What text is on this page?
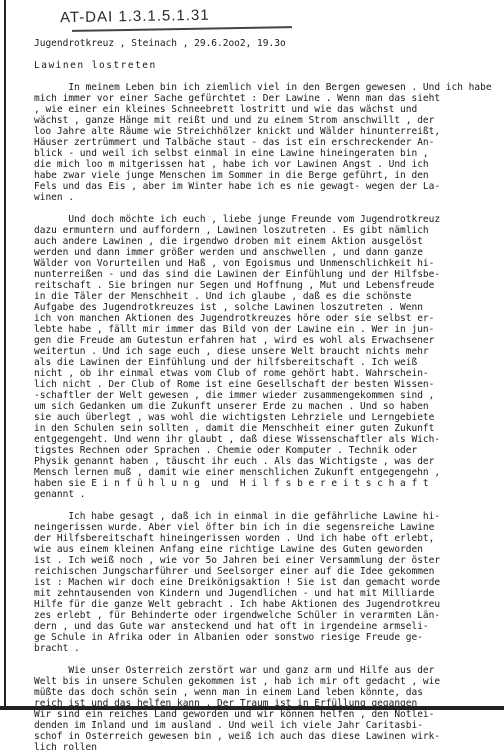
AT-DAI 1.3.1.5.1.31
Jugendrotkreuz , Steinach , 29.6.2oo2, 19.3o
Lawinen lostreten
In meinem Leben bin ich ziemlich viel in den Bergen gewesen . Und ich habe
mich immer vor einer Sache gefürchtet : Der Lawine . Wenn man das sieht
, wie einer ein kleines Schneebrett lostritt und wie das wächst und
wächst , ganze Hänge mit reißt und und zu einem Strom anschwillt , der
loo Jahre alte Räume wie Streichhölzer knickt und Wälder hinunterreißt,
Häuser zertrümmert und Talbäche staut - das ist ein erschreckender An-
blick - und weil ich selbst einmal in eine Lawine hineingeraten bin ,
die mich loo m mitgerissen hat , habe ich vor Lawinen Angst . Und ich
habe zwar viele junge Menschen im Sommer in die Berge geführt, in den
Fels und das Eis , aber im Winter habe ich es nie gewagt- wegen der La-
winen .
Und doch möchte ich euch , liebe junge Freunde vom Jugendrotkreuz
dazu ermuntern und auffordern , Lawinen loszutreten . Es gibt nämlich
auch andere Lawinen , die irgendwo droben mit einem Aktion ausgelöst
werden und dann immer größer werden und anschwellen , und dann ganze
Wälder von Vorurteilen und Haß , von Egoismus und Unmenschlichkeit hi-
nunterreißen - und das sind die Lawinen der Einfühlung und der Hilfsbe-
reitschaft . Sie bringen nur Segen und Hoffnung , Mut und Lebensfreude
in die Täler der Menschheit . Und ich glaube , daß es die schönste
Aufgabe des Jugendrotkreuzes ist , solche Lawinen loszutreten . Wenn
ich von manchen Aktionen des Jugendrotkreuzes höre oder sie selbst er-
lebte habe , fällt mir immer das Bild von der Lawine ein . Wer in jun-
gen die Freude am Gutestun erfahren hat , wird es wohl als Erwachsener
weitertun . Und ich sage euch , diese unsere Welt braucht nichts mehr
als die Lawinen der Einfühlung und der hilfsbereitschaft . Ich weiß
nicht , ob ihr einmal etwas vom Club of rome gehört habt. Wahrschein-
lich nicht . Der Club of Rome ist eine Gesellschaft der besten Wissen-
-schaftler der Welt gewesen , die immer wieder zusammengekommen sind ,
um sich Gedanken um die Zukunft unserer Erde zu machen . Und so haben
sie auch überlegt , was wohl die wichtigsten Lehrziele und Lerngebiete
in den Schulen sein sollten , damit die Menschheit einer guten Zukunft
entgegengeht. Und wenn ihr glaubt , daß diese Wissenschaftler als Wich-
tigstes Rechnen oder Sprachen . Chemie oder Komputer . Technik oder
Physik genannt haben , täuscht ihr euch . Als das Wichtigste , was der
Mensch lernen muß , damit wie einer menschlichen Zukunft entgegengehn ,
haben sie E i n f ü h l u n g  und  H i l f s b e r e i t s c h a f t
genannt .
Ich habe gesagt , daß ich in einmal in die gefährliche Lawine hi-
neingerissen wurde. Aber viel öfter bin ich in die segensreiche Lawine
der Hilfsbereitschaft hineingerissen worden . Und ich habe oft erlebt,
wie aus einem kleinen Anfang eine richtige Lawine des Guten geworden
ist . Ich weiß noch , wie vor 5o Jahren bei einer Versammlung der öster
reichischen Jungscharführer und Seelsorger einer auf die Idee gekommen
ist : Machen wir doch eine Dreikönigsaktion ! Sie ist dan gemacht worde
mit zehntausenden von Kindern und Jugendlichen - und hat mit Milliarde
Hilfe für die ganze Welt gebracht . Ich habe Aktionen des Jugendrotkreu
zes erlebt , für Behinderte oder irgendwelche Schüler in verarmten Län-
dern , und das Gute war ansteckend und hat oft in irgendeine armseli-
ge Schule in Afrika oder in Albanien oder sonstwo riesige Freude ge-
bracht .
Wie unser Österreich zerstört war und ganz arm und Hilfe aus der
Welt bis in unsere Schulen gekommen ist , hab ich mir oft gedacht , wie
müßte das doch schön sein , wenn man in einem Land leben könnte, das
reich ist und das helfen kann . Der Traum ist in Erfüllung gegangen
Wir sind ein reiches Land geworden und wir können helfen , den Notlei-
denden im Inland und im ausland . Und weil ich viele Jahr Caritasbi-
schof in Österreich gewesen bin , weiß ich auch das diese Lawinen wirk-
lich rollen
